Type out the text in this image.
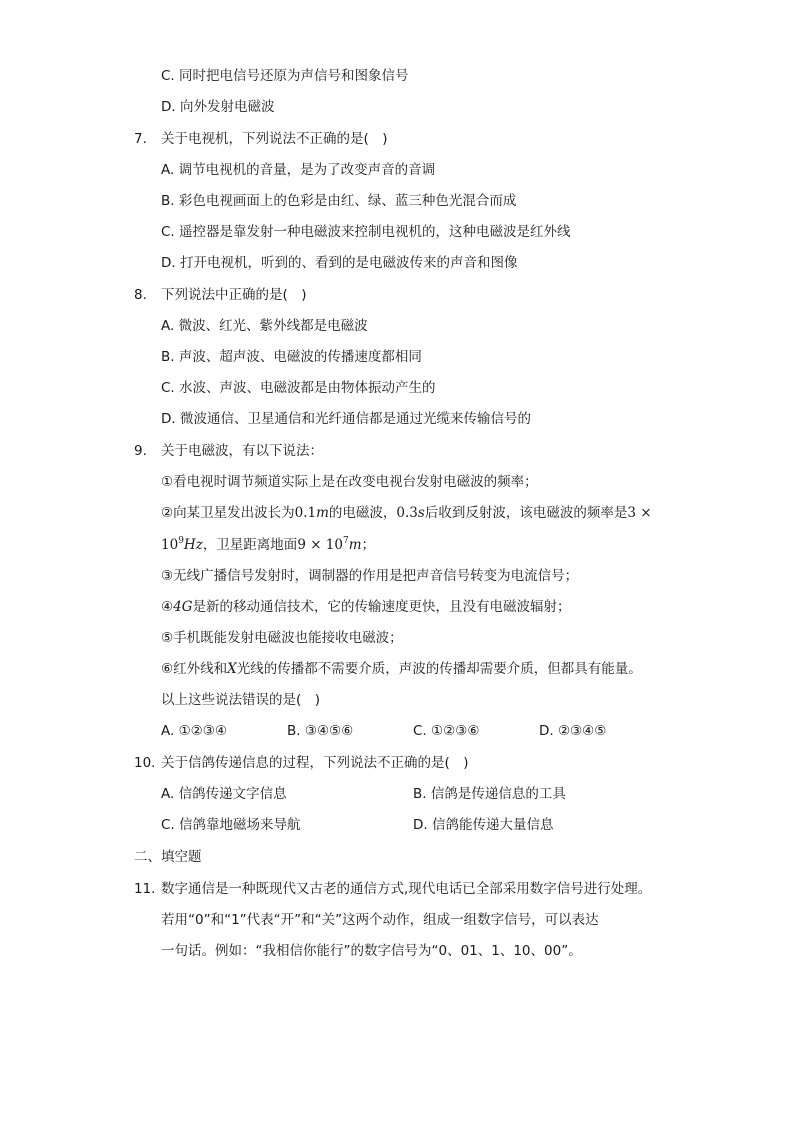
C. 同时把电信号还原为声信号和图象信号
D. 向外发射电磁波
7. 关于电视机，下列说法不正确的是(　)
A. 调节电视机的音量，是为了改变声音的音调
B. 彩色电视画面上的色彩是由红、绿、蓝三种色光混合而成
C. 遥控器是靠发射一种电磁波来控制电视机的，这种电磁波是红外线
D. 打开电视机，听到的、看到的是电磁波传来的声音和图像
8. 下列说法中正确的是(　)
A. 微波、红光、紫外线都是电磁波
B. 声波、超声波、电磁波的传播速度都相同
C. 水波、声波、电磁波都是由物体振动产生的
D. 微波通信、卫星通信和光纤通信都是通过光缆来传输信号的
9. 关于电磁波，有以下说法：
①看电视时调节频道实际上是在改变电视台发射电磁波的频率；
②向某卫星发出波长为0.1m的电磁波，0.3s后收到反射波，该电磁波的频率是3 ×
$10^9Hz$，卫星距离地面$9 \times 10^7m$；
③无线广播信号发射时，调制器的作用是把声音信号转变为电流信号；
④4G是新的移动通信技术，它的传输速度更快，且没有电磁波辐射；
⑤手机既能发射电磁波也能接收电磁波；
⑥红外线和X光线的传播都不需要介质，声波的传播却需要介质，但都具有能量。
以上这些说法错误的是(　)
A. ①②③④	B. ③④⑤⑥	C. ①②③⑥	D. ②③④⑤
10. 关于信鸽传递信息的过程，下列说法不正确的是(　)
A. 信鸽传递文字信息	B. 信鸽是传递信息的工具
C. 信鸽靠地磁场来导航	D. 信鸽能传递大量信息
二、填空题
11. 数字通信是一种既现代又古老的通信方式,现代电话已全部采用数字信号进行处理。
若用“0”和“1”代表“开”和“关”这两个动作，组成一组数字信号，可以表达
一句话。例如：“我相信你能行”的数字信号为“0、01、1、10、00”。
